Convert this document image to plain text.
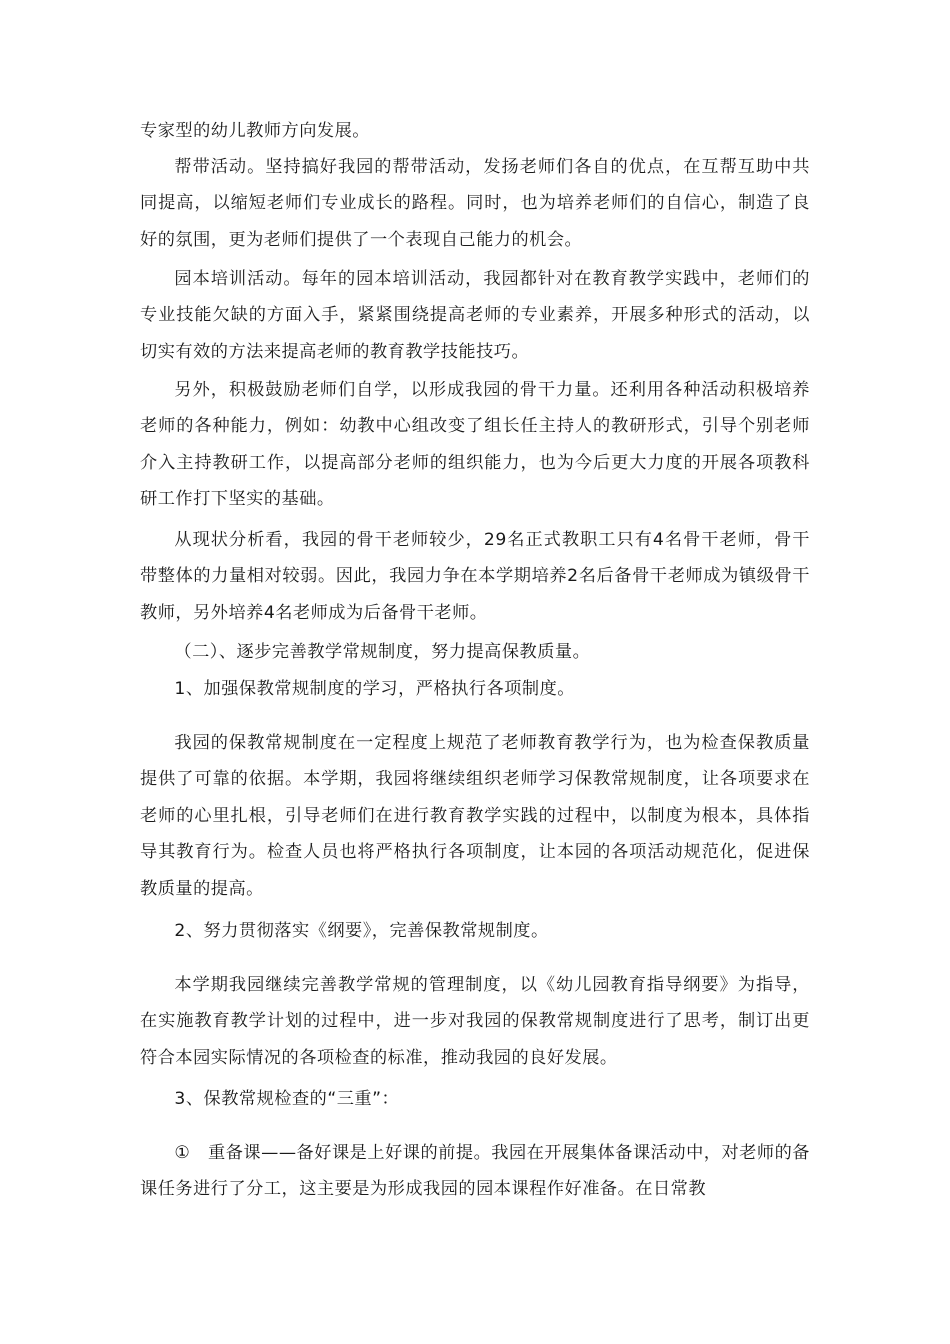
专家型的幼儿教师方向发展。

帮带活动。坚持搞好我园的帮带活动，发扬老师们各自的优点，在互帮互助中共同提高，以缩短老师们专业成长的路程。同时，也为培养老师们的自信心，制造了良好的氛围，更为老师们提供了一个表现自己能力的机会。

园本培训活动。每年的园本培训活动，我园都针对在教育教学实践中，老师们的专业技能欠缺的方面入手，紧紧围绕提高老师的专业素养，开展多种形式的活动，以切实有效的方法来提高老师的教育教学技能技巧。

另外，积极鼓励老师们自学，以形成我园的骨干力量。还利用各种活动积极培养老师的各种能力，例如：幼教中心组改变了组长任主持人的教研形式，引导个别老师介入主持教研工作，以提高部分老师的组织能力，也为今后更大力度的开展各项教科研工作打下坚实的基础。

从现状分析看，我园的骨干老师较少，29名正式教职工只有4名骨干老师，骨干带整体的力量相对较弱。因此，我园力争在本学期培养2名后备骨干老师成为镇级骨干教师，另外培养4名老师成为后备骨干老师。

（二）、逐步完善教学常规制度，努力提高保教质量。

1、加强保教常规制度的学习，严格执行各项制度。

我园的保教常规制度在一定程度上规范了老师教育教学行为，也为检查保教质量提供了可靠的依据。本学期，我园将继续组织老师学习保教常规制度，让各项要求在老师的心里扎根，引导老师们在进行教育教学实践的过程中，以制度为根本，具体指导其教育行为。检查人员也将严格执行各项制度，让本园的各项活动规范化，促进保教质量的提高。

2、努力贯彻落实《纲要》，完善保教常规制度。

本学期我园继续完善教学常规的管理制度，以《幼儿园教育指导纲要》为指导，在实施教育教学计划的过程中，进一步对我园的保教常规制度进行了思考，制订出更符合本园实际情况的各项检查的标准，推动我园的良好发展。

3、保教常规检查的“三重”：

①　重备课——备好课是上好课的前提。我园在开展集体备课活动中，对老师的备课任务进行了分工，这主要是为形成我园的园本课程作好准备。在日常教
